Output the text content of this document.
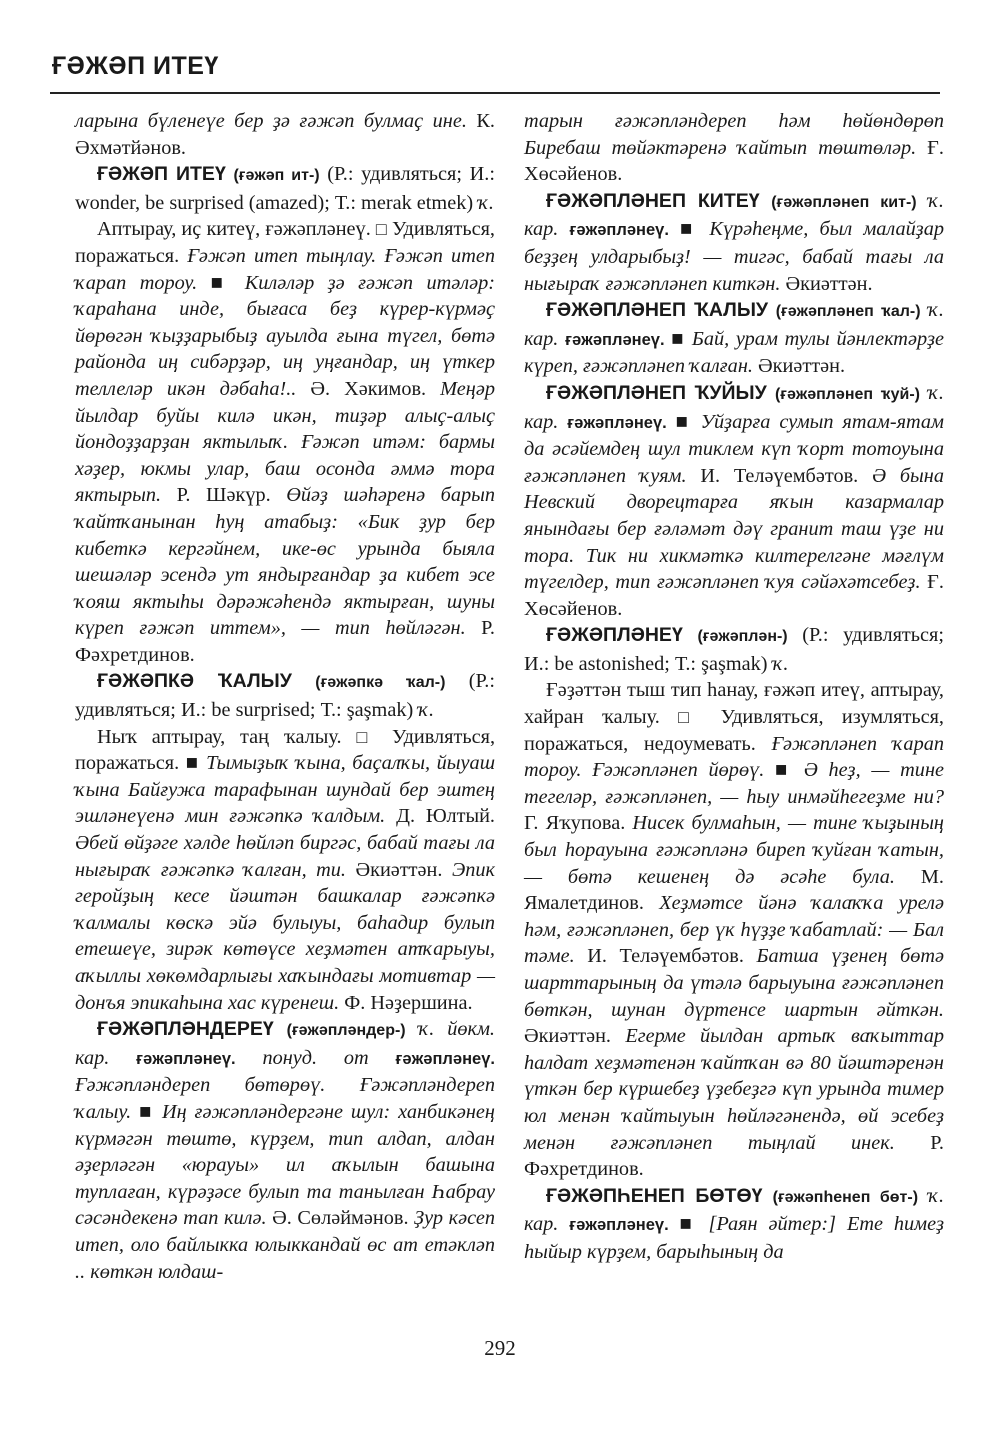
ҒӘЖӘП ИТЕҮ

ларына бүленеүе бер ҙә ғәжәп булмаҫ ине. К. Әхмәтйәнов.

ҒӘЖӘП ИТЕҮ (ғәжәп ит-) (Р.: удивляться; И.: wonder, be surprised (amazed); Т.: merak etmek) ҡ.

Аптырау, иҫ китеү, ғәжәпләнеү. □ Удивляться, поражаться. Ғәжәп итеп тыңлау. Ғәжәп итеп ҡарап тороу. ■ Киләләр ҙә ғәжәп итәләр: ҡараһана инде, бығаса беҙ күрер-күрмәҫ йөрөгән ҡыҙҙарыбыҙ ауылда ғына түгел, бөтә районда иң сибәрҙәр, иң уңғандар, иң үткер теллеләр икән дәбаһа!.. Ә. Хәкимов. Меңәр йылдар буйы килә икән, тиҙәр алыҫ-алыҫ йондоҙҙарҙан яктылыҡ. Ғәжәп итәм: бармы хәҙер, юкмы улар, баш осонда әммә тора яктырып. Р. Шәкүр. Өйәҙ шәһәренә барып ҡайтҡанынан һуң атабыҙ: «Бик ҙур бер кибеткә кергәйнем, ике-өс урында быяла шешәләр эсендә ут яндырғандар ҙа кибет эсе ҡояш яктыһы дәрәжәһендә яктырған, шуны күреп ғәжәп иттем», — тип һөйләгән. Р. Фәхретдинов.

ҒӘЖӘПКӘ ҠАЛЫУ (ғәжәпкә ҡал-) (Р.: удивляться; И.: be surprised; Т.: şaşmak) ҡ.

Ныҡ аптырау, таң ҡалыу. □ Удивляться, поражаться. ■ Тымыҙыҡ ҡына, баҫалҡы, йыуаш ҡына Байғужа тарафынан шундай бер эштең эшләнеүенә мин ғәжәпкә ҡалдым. Д. Юлтый. Әбей өйҙәге хәлде һөйләп биргәс, бабай тағы ла нығыраҡ ғәжәпкә ҡалған, ти. Әкиәттән. Эпик геройҙың кесе йәштән башкалар ғәжәпкә ҡалмалы көскә эйә булыуы, баһадир булып етешеүе, зирәк көтөүсе хеҙмәтен атҡарыуы, аҡыллы хөкөмдарлығы хаҡындағы мотивтар — донъя эпикаһына хас күренеш. Ф. Нәҙершина.

ҒӘЖӘПЛӘНДЕРЕҮ (ғәжәпләндер-) ҡ. йөкм. кар. ғәжәпләнеү. понуд. от ғәжәпләнеү. Ғәжәпләндереп бөтөрөү. Ғәжәпләндереп ҡалыу. ■ Иң ғәжәпләндергәне шул: ханбикәнең күрмәгән төштө, күрҙем, тип алдап, алдан әҙерләгән «юрауы» ил аҡылын башына туплаған, күрәҙәсе булып та танылған Һабрау сәсәндекенә тап килә. Ә. Сөләймәнов. Ҙур кәсеп итеп, оло байлыкка юлыккандай өс ат етәкләп .. көткән юлдаш-

тарын ғәжәпләндереп һәм һөйөндөрөп Биребаш төйәктәренә ҡайтып төштөләр. Ғ. Хөсәйенов.

ҒӘЖӘПЛӘНЕП КИТЕҮ (ғәжәпләнеп кит-) ҡ. кар. ғәжәпләнеү. ■ Күрәһеңме, был малайҙар беҙҙең улдарыбыҙ! — тигәс, бабай тағы ла нығыраҡ ғәжәпләнеп киткән. Әкиәттән.

ҒӘЖӘПЛӘНЕП ҠАЛЫУ (ғәжәпләнеп ҡал-) ҡ. кар. ғәжәпләнеү. ■ Бай, урам тулы йәнлектәрҙе күреп, ғәжәпләнеп ҡалған. Әкиәттән.

ҒӘЖӘПЛӘНЕП ҠУЙЫУ (ғәжәпләнеп ҡуй-) ҡ. кар. ғәжәпләнеү. ■ Уйҙарға сумып ятам-ятам да әсәйемдең шул тиклем күп ҡорт тотоуына ғәжәпләнеп ҡуям. И. Теләүембәтов. Ә бына Невский дворецтарға яҡын казармалар янындағы бер ғәләмәт дәү гранит таш үҙе ни тора. Тик ни хикмәткә килтерелгәне мәғлүм түгелдер, тип ғәжәпләнеп ҡуя сәйәхәтсебеҙ. Ғ. Хөсәйенов.

ҒӘЖӘПЛӘНЕҮ (ғәжәплән-) (Р.: удивляться; И.: be astonished; Т.: şaşmak) ҡ.

Ғәҙәттән тыш тип һанау, ғәжәп итеү, аптырау, хайран ҡалыу. □ Удивляться, изумляться, поражаться, недоумевать. Ғәжәпләнеп ҡарап тороу. Ғәжәпләнеп йөрөү. ■ Ә һеҙ, — тине тегеләр, ғәжәпләнеп, — һыу инмәйһегеҙме ни? Г. Яҡупова. Нисек булмаһын, — тине ҡыҙының был һорауына ғәжәпләнә биреп ҡуйған ҡатын, — бөтә кешенең дә әсәһе була. М. Ямалетдинов. Хеҙмәтсе йәнә ҡалаҡҡа урелә һәм, ғәжәпләнеп, бер үк һүҙҙе ҡабатлай: — Бал тәме. И. Теләүембәтов. Батша үҙенең бөтә шарттарының да үтәлә барыуына ғәжәпләнеп бөткән, шунан дүртенсе шартын әйткән. Әкиәттән. Егерме йылдан артыҡ ваҡыттар һалдат хеҙмәтенән ҡайтҡан вә 80 йәштәренән үткән бер күршебеҙ үҙебеҙгә күп урында тимер юл менән ҡайтыуын һөйләгәнендә, өй эсебеҙ менән ғәжәпләнеп тыңлай инек. Р. Фәхретдинов.

ҒӘЖӘПҺЕНЕП БӨТӨҮ (ғәжәпһенеп бөт-) ҡ. кар. ғәжәпләнеү. ■ [Раян әйтер:] Ете һимеҙ һыйыр күрҙем, барыһының да

292
